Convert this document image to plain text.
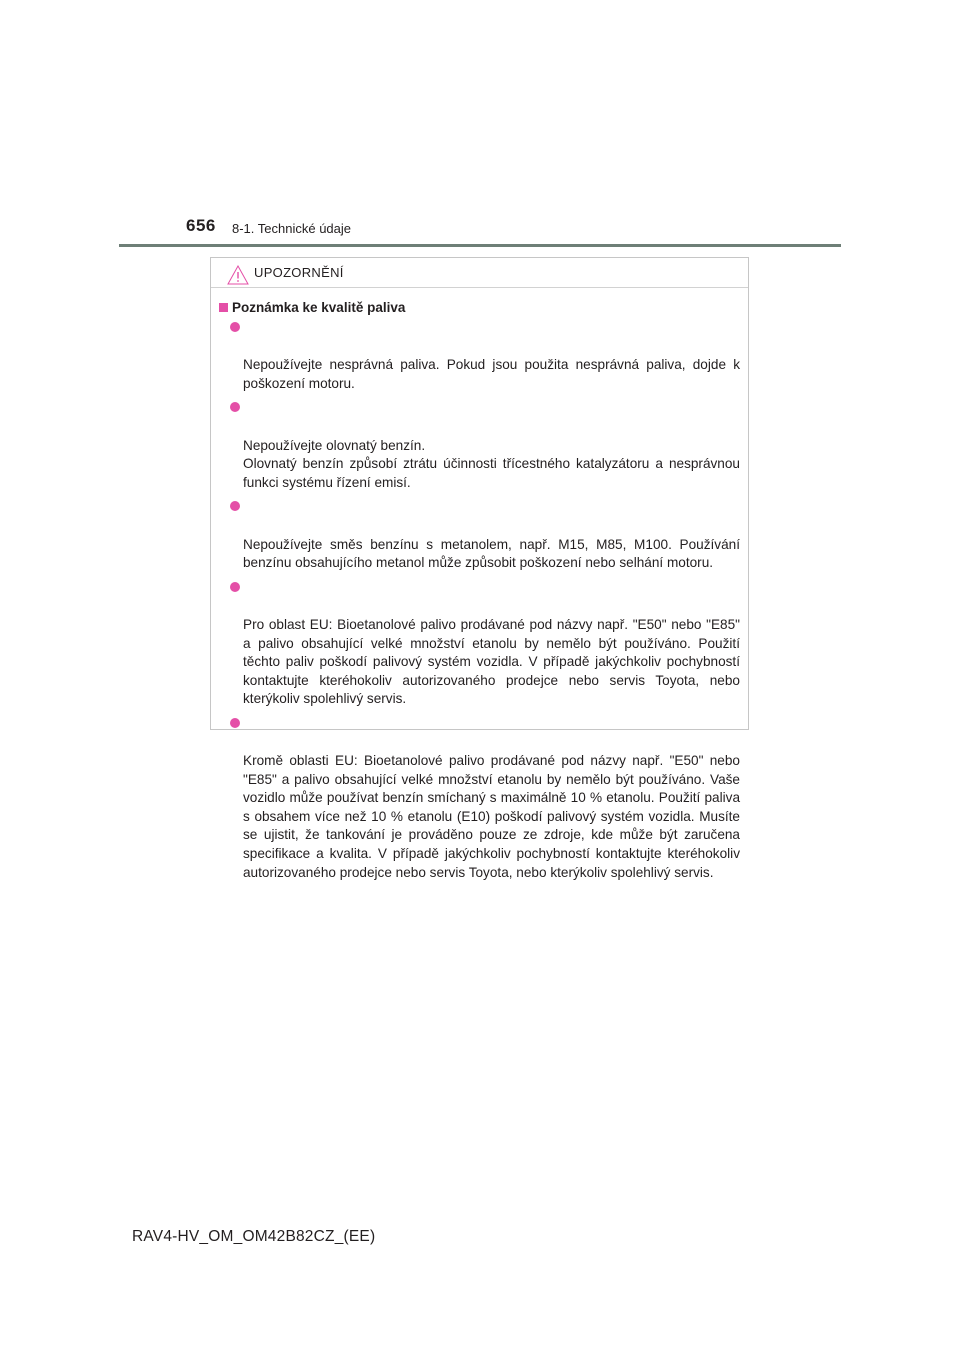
656 8-1. Technické údaje
UPOZORNĚNÍ
Poznámka ke kvalitě paliva

Nepoužívejte nesprávná paliva. Pokud jsou použita nesprávná paliva, dojde k poškození motoru.

Nepoužívejte olovnatý benzín.
Olovnatý benzín způsobí ztrátu účinnosti třícestného katalyzátoru a nesprávnou funkci systému řízení emisí.

Nepoužívejte směs benzínu s metanolem, např. M15, M85, M100. Používání benzínu obsahujícího metanol může způsobit poškození nebo selhání motoru.

Pro oblast EU: Bioetanolové palivo prodávané pod názvy např. "E50" nebo "E85" a palivo obsahující velké množství etanolu by nemělo být používáno. Použití těchto paliv poškodí palivový systém vozidla. V případě jakýchkoliv pochybností kontaktujte kteréhokoliv autorizovaného prodejce nebo servis Toyota, nebo kterýkoliv spolehlivý servis.

Kromě oblasti EU: Bioetanolové palivo prodávané pod názvy např. "E50" nebo "E85" a palivo obsahující velké množství etanolu by nemělo být používáno. Vaše vozidlo může používat benzín smíchaný s maximálně 10 % etanolu. Použití paliva s obsahem více než 10 % etanolu (E10) poškodí palivový systém vozidla. Musíte se ujistit, že tankování je prováděno pouze ze zdroje, kde může být zaručena specifikace a kvalita. V případě jakýchkoliv pochybností kontaktujte kteréhokoliv autorizovaného prodejce nebo servis Toyota, nebo kterýkoliv spolehlivý servis.

RAV4-HV_OM_OM42B82CZ_(EE)
